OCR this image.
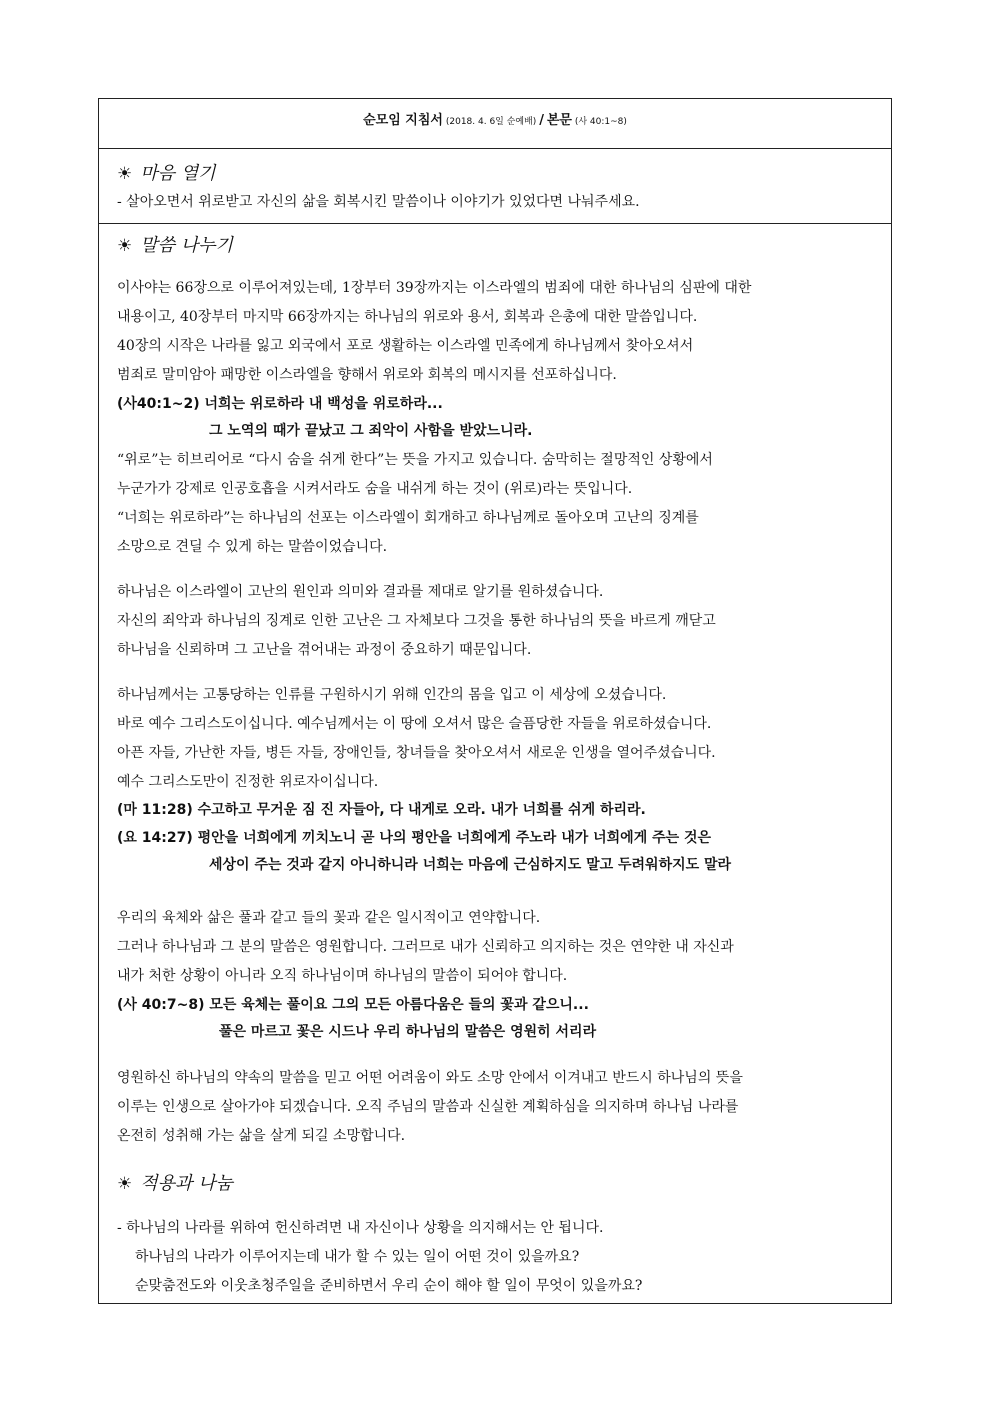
순모임 지침서 (2018. 4. 6일 순예배) / 본문 (사 40:1~8)
☀ 마음 열기
- 살아오면서 위로받고 자신의 삶을 회복시킨 말씀이나 이야기가 있었다면 나눠주세요.
☀ 말씀 나누기
이사야는 66장으로 이루어져있는데, 1장부터 39장까지는 이스라엘의 범죄에 대한 하나님의 심판에 대한
내용이고, 40장부터 마지막 66장까지는 하나님의 위로와 용서, 회복과 은총에 대한 말씀입니다.
40장의 시작은 나라를 잃고 외국에서 포로 생활하는 이스라엘 민족에게 하나님께서 찾아오셔서
범죄로 말미암아 패망한 이스라엘을 향해서 위로와 회복의 메시지를 선포하십니다.
(사40:1~2) 너희는 위로하라 내 백성을 위로하라...
그 노역의 때가 끝났고 그 죄악이 사함을 받았느니라.
“위로”는 히브리어로 “다시 숨을 쉬게 한다”는 뜻을 가지고 있습니다. 숨막히는 절망적인 상황에서
누군가가 강제로 인공호흡을 시켜서라도 숨을 내쉬게 하는 것이 (위로)라는 뜻입니다.
“너희는 위로하라”는 하나님의 선포는 이스라엘이 회개하고 하나님께로 돌아오며 고난의 징계를
소망으로 견딜 수 있게 하는 말씀이었습니다.
하나님은 이스라엘이 고난의 원인과 의미와 결과를 제대로 알기를 원하셨습니다.
자신의 죄악과 하나님의 징계로 인한 고난은 그 자체보다 그것을 통한 하나님의 뜻을 바르게 깨닫고
하나님을 신뢰하며 그 고난을 겪어내는 과정이 중요하기 때문입니다.
하나님께서는 고통당하는 인류를 구원하시기 위해 인간의 몸을 입고 이 세상에 오셨습니다.
바로 예수 그리스도이십니다. 예수님께서는 이 땅에 오셔서 많은 슬픔당한 자들을 위로하셨습니다.
아픈 자들, 가난한 자들, 병든 자들, 장애인들, 창녀들을 찾아오셔서 새로운 인생을 열어주셨습니다.
예수 그리스도만이 진정한 위로자이십니다.
(마 11:28) 수고하고 무거운 짐 진 자들아, 다 내게로 오라. 내가 너희를 쉬게 하리라.
(요 14:27) 평안을 너희에게 끼치노니 곧 나의 평안을 너희에게 주노라 내가 너희에게 주는 것은
세상이 주는 것과 같지 아니하니라 너희는 마음에 근심하지도 말고 두려워하지도 말라
우리의 육체와 삶은 풀과 같고 들의 꽃과 같은 일시적이고 연약합니다.
그러나 하나님과 그 분의 말씀은 영원합니다. 그러므로 내가 신뢰하고 의지하는 것은 연약한 내 자신과
내가 처한 상황이 아니라 오직 하나님이며 하나님의 말씀이 되어야 합니다.
(사 40:7~8) 모든 육체는 풀이요 그의 모든 아름다움은 들의 꽃과 같으니...
풀은 마르고 꽃은 시드나 우리 하나님의 말씀은 영원히 서리라
영원하신 하나님의 약속의 말씀을 믿고 어떤 어려움이 와도 소망 안에서 이겨내고 반드시 하나님의 뜻을
이루는 인생으로 살아가야 되겠습니다. 오직 주님의 말씀과 신실한 계획하심을 의지하며 하나님 나라를
온전히 성취해 가는 삶을 살게 되길 소망합니다.
☀ 적용과 나눔
- 하나님의 나라를 위하여 헌신하려면 내 자신이나 상황을 의지해서는 안 됩니다.
하나님의 나라가 이루어지는데 내가 할 수 있는 일이 어떤 것이 있을까요?
순맞춤전도와 이웃초청주일을 준비하면서 우리 순이 해야 할 일이 무엇이 있을까요?
